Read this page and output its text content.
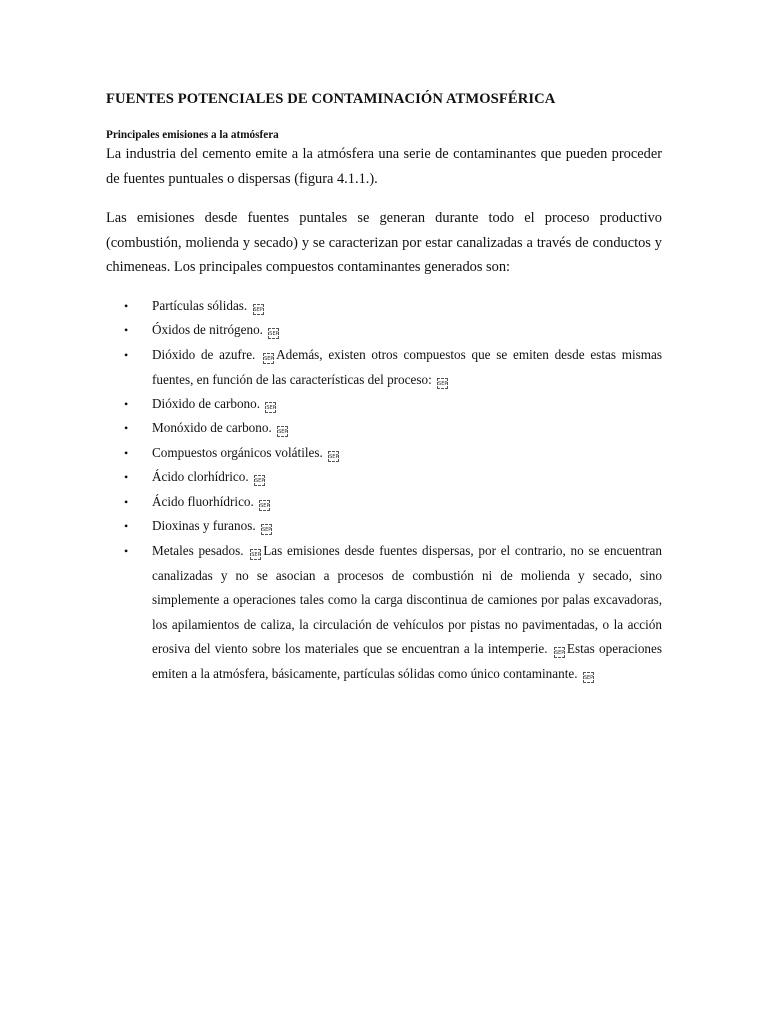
FUENTES POTENCIALES DE CONTAMINACIÓN ATMOSFÉRICA
Principales emisiones a la atmósfera
La industria del cemento emite a la atmósfera una serie de contaminantes que pueden proceder de fuentes puntuales o dispersas (figura 4.1.1.).
Las emisiones desde fuentes puntales se generan durante todo el proceso productivo (combustión, molienda y secado) y se caracterizan por estar canalizadas a través de conductos y chimeneas. Los principales compuestos contaminantes generados son:
• Partículas sólidas. SEP
• Óxidos de nitrógeno. SEP
• Dióxido de azufre. SEP Además, existen otros compuestos que se emiten desde estas mismas fuentes, en función de las características del proceso: SEP
• Dióxido de carbono. SEP
• Monóxido de carbono. SEP
• Compuestos orgánicos volátiles. SEP
• Ácido clorhídrico. SEP
• Ácido fluorhídrico. SEP
• Dioxinas y furanos. SEP
• Metales pesados. SEP Las emisiones desde fuentes dispersas, por el contrario, no se encuentran canalizadas y no se asocian a procesos de combustión ni de molienda y secado, sino simplemente a operaciones tales como la carga discontinua de camiones por palas excavadoras, los apilamientos de caliza, la circulación de vehículos por pistas no pavimentadas, o la acción erosiva del viento sobre los materiales que se encuentran a la intemperie. SEP Estas operaciones emiten a la atmósfera, básicamente, partículas sólidas como único contaminante. SEP
